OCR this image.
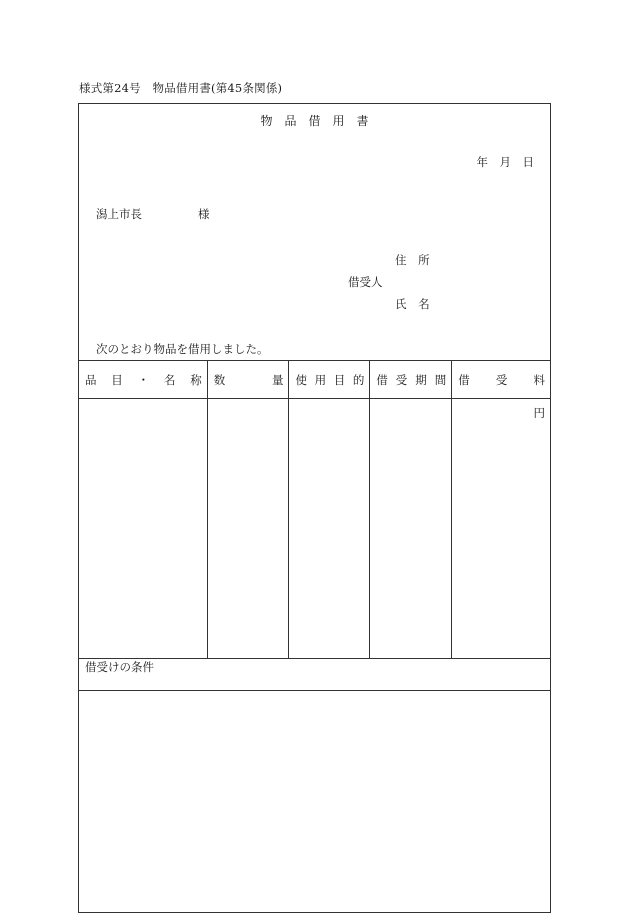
様式第24号　物品借用書(第45条関係)
物　品　借　用　書
年　月　日
潟上市長	様
住 所
借受人
氏 名
次のとおり物品を借用しました。
品 目 ・ 名 称	数 量	使 用 目 的	借 受 期 間	借 受 料

				円
借受けの条件				
